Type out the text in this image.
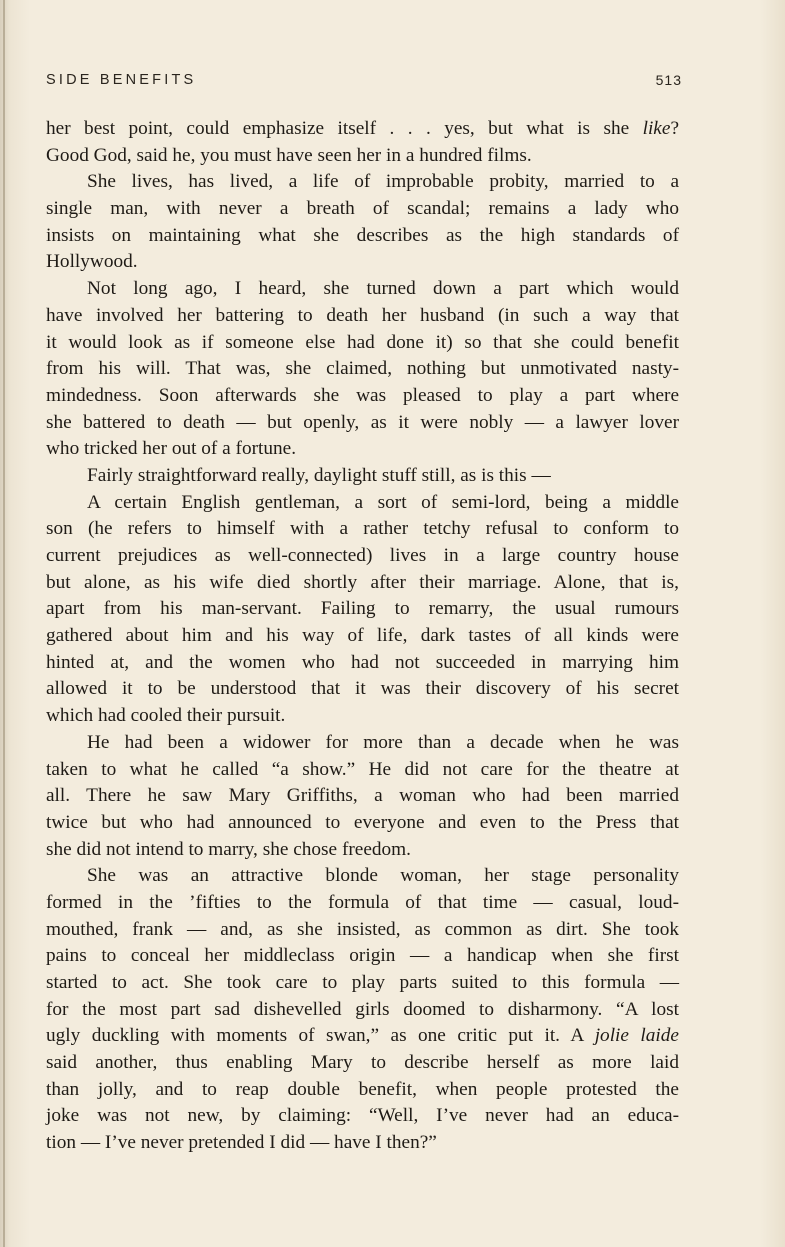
SIDE BENEFITS	513
her best point, could emphasize itself . . . yes, but what is she like?
Good God, said he, you must have seen her in a hundred films.
She lives, has lived, a life of improbable probity, married to a
single man, with never a breath of scandal; remains a lady who
insists on maintaining what she describes as the high standards of
Hollywood.
Not long ago, I heard, she turned down a part which would
have involved her battering to death her husband (in such a way that
it would look as if someone else had done it) so that she could benefit
from his will. That was, she claimed, nothing but unmotivated nasty-
mindedness. Soon afterwards she was pleased to play a part where
she battered to death — but openly, as it were nobly — a lawyer lover
who tricked her out of a fortune.
Fairly straightforward really, daylight stuff still, as is this —
A certain English gentleman, a sort of semi-lord, being a middle
son (he refers to himself with a rather tetchy refusal to conform to
current prejudices as well-connected) lives in a large country house
but alone, as his wife died shortly after their marriage. Alone, that is,
apart from his man-servant. Failing to remarry, the usual rumours
gathered about him and his way of life, dark tastes of all kinds were
hinted at, and the women who had not succeeded in marrying him
allowed it to be understood that it was their discovery of his secret
which had cooled their pursuit.
He had been a widower for more than a decade when he was
taken to what he called “a show.” He did not care for the theatre at
all. There he saw Mary Griffiths, a woman who had been married
twice but who had announced to everyone and even to the Press that
she did not intend to marry, she chose freedom.
She was an attractive blonde woman, her stage personality
formed in the ’fifties to the formula of that time — casual, loud-
mouthed, frank — and, as she insisted, as common as dirt. She took
pains to conceal her middleclass origin — a handicap when she first
started to act. She took care to play parts suited to this formula —
for the most part sad dishevelled girls doomed to disharmony. “A lost
ugly duckling with moments of swan,” as one critic put it. A jolie laide
said another, thus enabling Mary to describe herself as more laid
than jolly, and to reap double benefit, when people protested the
joke was not new, by claiming: “Well, I’ve never had an educa-
tion — I’ve never pretended I did — have I then?”
